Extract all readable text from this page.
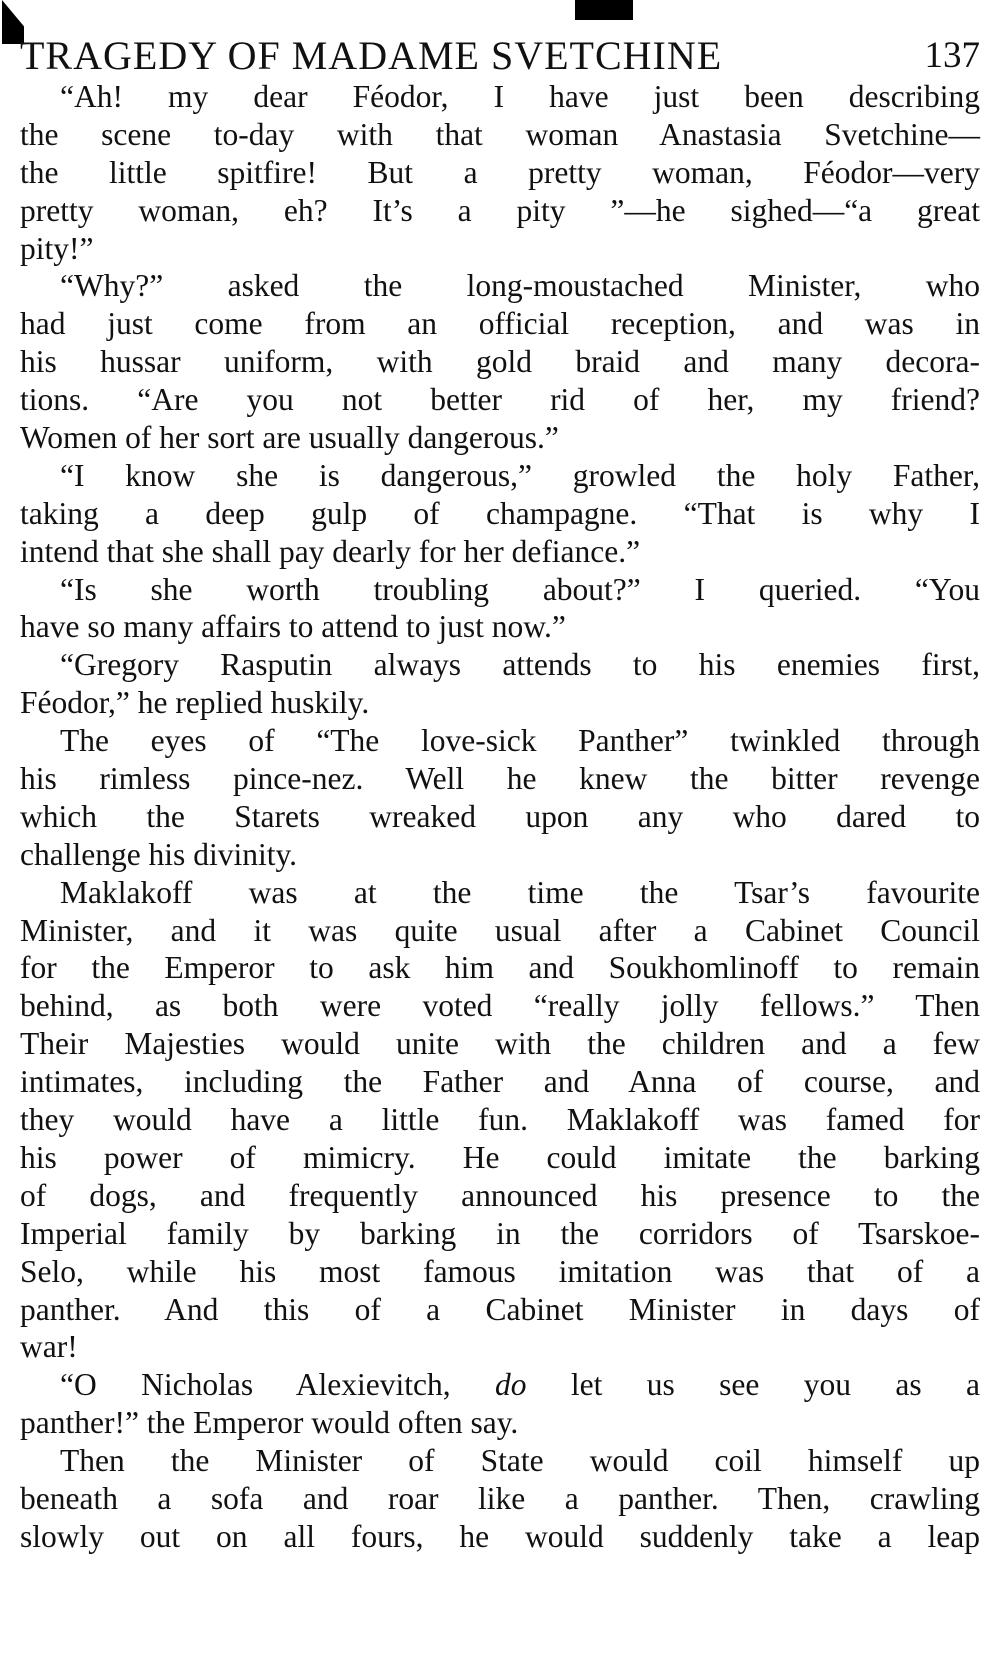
TRAGEDY OF MADAME SVETCHINE	137
“Ah! my dear Féodor, I have just been describing
the scene to-day with that woman Anastasia Svetchine—
the little spitfire! But a pretty woman, Féodor—very
pretty woman, eh? It’s a pity ”—he sighed—“a great
pity!”
“Why?” asked the long-moustached Minister, who
had just come from an official reception, and was in
his hussar uniform, with gold braid and many decora-
tions. “Are you not better rid of her, my friend?
Women of her sort are usually dangerous.”
“I know she is dangerous,” growled the holy Father,
taking a deep gulp of champagne. “That is why I
intend that she shall pay dearly for her defiance.”
“Is she worth troubling about?” I queried. “You
have so many affairs to attend to just now.”
“Gregory Rasputin always attends to his enemies first,
Féodor,” he replied huskily.
The eyes of “The love-sick Panther” twinkled through
his rimless pince-nez. Well he knew the bitter revenge
which the Starets wreaked upon any who dared to
challenge his divinity.
Maklakoff was at the time the Tsar’s favourite
Minister, and it was quite usual after a Cabinet Council
for the Emperor to ask him and Soukhomlinoff to remain
behind, as both were voted “really jolly fellows.” Then
Their Majesties would unite with the children and a few
intimates, including the Father and Anna of course, and
they would have a little fun. Maklakoff was famed for
his power of mimicry. He could imitate the barking
of dogs, and frequently announced his presence to the
Imperial family by barking in the corridors of Tsarskoe-
Selo, while his most famous imitation was that of a
panther. And this of a Cabinet Minister in days of
war!
“O Nicholas Alexievitch, do let us see you as a
panther!” the Emperor would often say.
Then the Minister of State would coil himself up
beneath a sofa and roar like a panther. Then, crawling
slowly out on all fours, he would suddenly take a leap
